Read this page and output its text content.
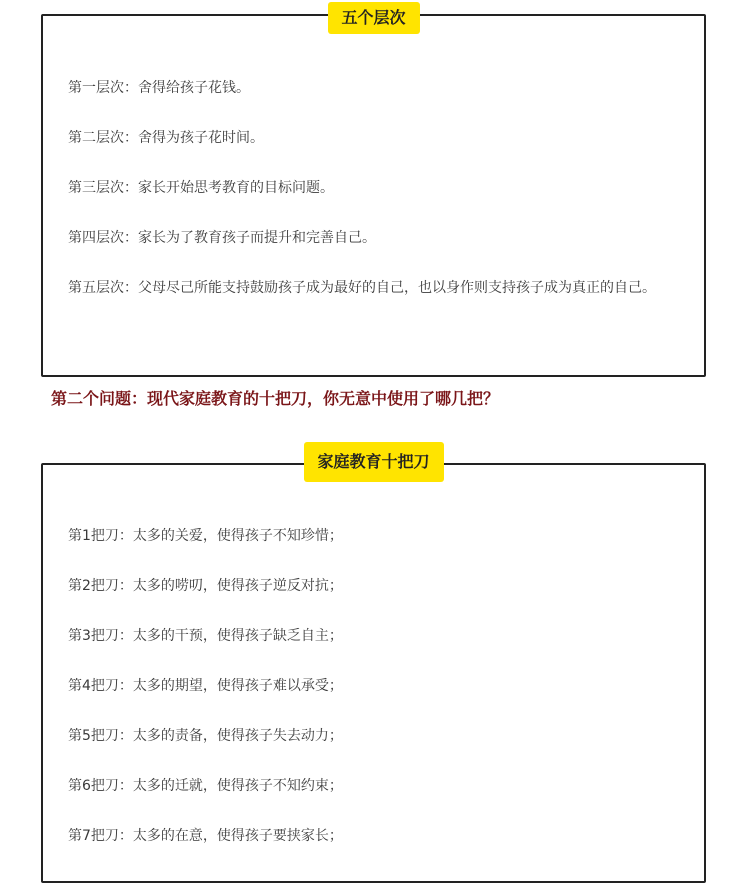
五个层次
第一层次：舍得给孩子花钱。
第二层次：舍得为孩子花时间。
第三层次：家长开始思考教育的目标问题。
第四层次：家长为了教育孩子而提升和完善自己。
第五层次：父母尽己所能支持鼓励孩子成为最好的自己，也以身作则支持孩子成为真正的自己。
第二个问题：现代家庭教育的十把刀，你无意中使用了哪几把？
家庭教育十把刀
第1把刀：太多的关爱，使得孩子不知珍惜；
第2把刀：太多的唠叨，使得孩子逆反对抗；
第3把刀：太多的干预，使得孩子缺乏自主；
第4把刀：太多的期望，使得孩子难以承受；
第5把刀：太多的责备，使得孩子失去动力；
第6把刀：太多的迁就，使得孩子不知约束；
第7把刀：太多的在意，使得孩子要挟家长；
